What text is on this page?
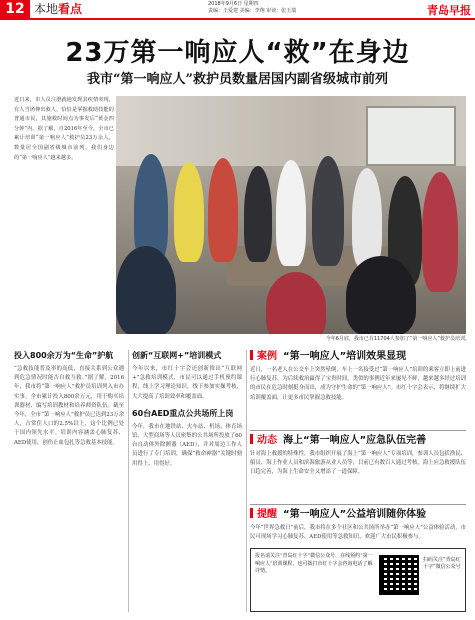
12 本地看点	2018年9月6日 星期四
责编：王爱建 美编：李翔 审读：张玉瑞	青岛早报
23万第一响应人“救”在身边
我市“第一响应人”救护员数量居国内副省级城市前列
近日来，市人员注册就地发现其疾情突现，有人当场伸出救人，恰恰是掌握救助技能的普通市民，其施救时间点为事发后“黄金四分钟”内。据了解，自2016年至今，全市已累计培训“第一响应人”救护员23万余人，数量居全国副省级城市前列，我们身边的“第一响应人”越来越多。
今年6月底，我市已有11704人参加了“第一响应人”救护员培训。
投入800余万为“生命”护航
“急救技能普及率的高低，直接关系到公众遇到危急情况时能否自救互救。”据了解，2016年，我市将“第一响应人”救护员培训列入市办实事，全市累计投入800余万元，用于购买培训器材、编写培训教材和培养师资队伍。截至今年，全市“第一响应人”救护员已达到23万余人，占常住人口的2.5%以上，这个比例已处于国内领先水平。培训内容涵盖心肺复苏、AED使用、创伤止血包扎等急救基本技能。
创新“互联网+”培训模式
今年以来，市红十字会还创新推出“互联网+”急救培训模式，市民可以通过手机预约课程，线上学习理论知识，线下参加实操考核，大大提高了培训效率和覆盖面。
60台AED重点公共场所上岗
今年，我市在地铁站、火车站、机场、体育场馆、大型商场等人员密集的公共场所投放了60台自动体外除颤器（AED），并对周边工作人员进行了专门培训，确保“救命神器”关键时刻用得上、用得好。
案例 “第一响应人”培训效果显现
近日，一名老人在公交车上突然晕倒，车上一名接受过“第一响应人”培训的乘客立即上前进行心肺复苏，为后续救治赢得了宝贵时间。类似的事例近年来屡见不鲜，越来越多经过培训的市民在危急时刻挺身而出，成为守护生命的“第一响应人”。市红十字会表示，将继续扩大培训覆盖面，让更多市民掌握急救技能。
动态 海上“第一响应人”应急队伍完善
针对海上救援的特殊性，我市组织开展了海上“第一响应人”专项培训，参训人员包括渔民、船员、海上作业人员和滨海旅游从业人员等，目前已有数百人通过考核，海上应急救援队伍日趋完善，为海上生命安全又增添了一道保障。
提醒 “第一响应人”公益培训随你体验
今年“世界急救日”前后，我市将在多个社区和公共场所举办“第一响应人”公益体验活动，市民可现场学习心肺复苏、AED使用等急救知识，欢迎广大市民积极参与。
报名请关注“青岛红十字”微信公众号，在线预约“第一响应人”培训课程，也可拨打市红十字会咨询电话了解详情。
扫码关注“青岛红十字”微信公众号
